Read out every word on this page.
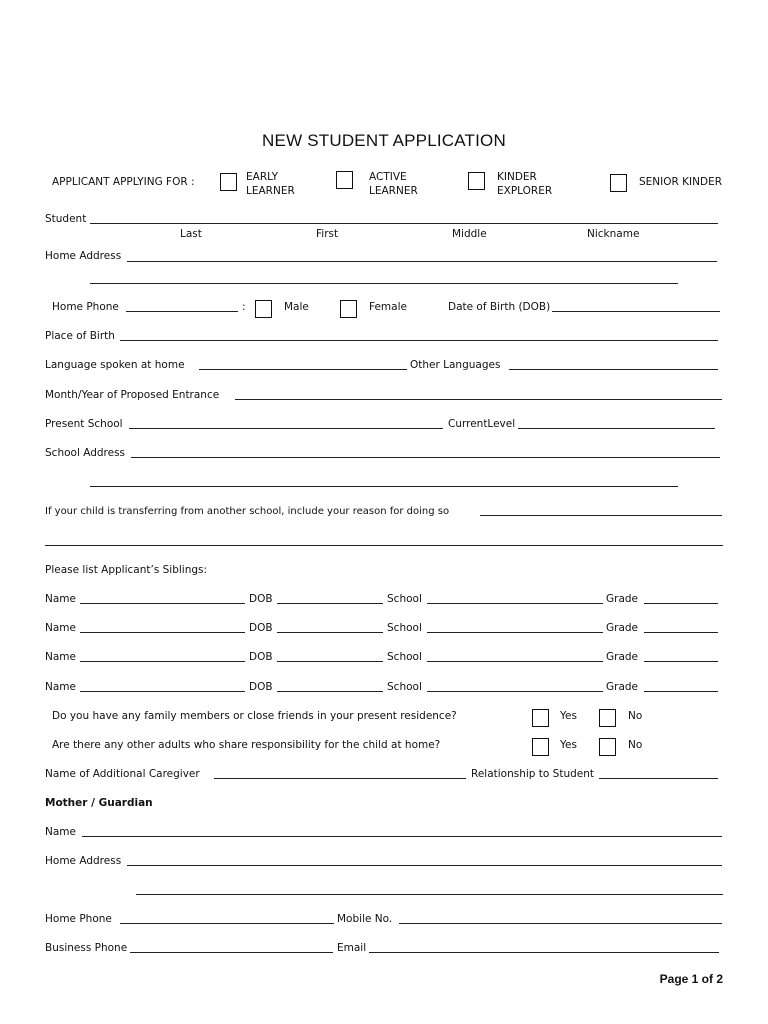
NEW STUDENT APPLICATION
APPLICANT APPLYING FOR :	EARLY
LEARNER
ACTIVE
LEARNER
KINDER
EXPLORER
SENIOR KINDER
Student
Last	First	Middle	Nickname
Home Address
Home Phone	:	Male	Female	Date of Birth (DOB)
Place of Birth
Language spoken at home	Other Languages
Month/Year of Proposed Entrance
Present School	CurrentLevel
School Address
If your child is transferring from another school, include your reason for doing so
Please list Applicant’s Siblings:
Name	DOB	School	Grade
Name	DOB	School	Grade
Name	DOB	School	Grade
Name	DOB	School	Grade
Do you have any family members or close friends in your present residence?	Yes	No
Are there any other adults who share responsibility for the child at home?	Yes	No
Name of Additional Caregiver	Relationship to Student
Mother / Guardian
Name
Home Address
Home Phone	Mobile No.
Business Phone	Email
Page 1 of 2
